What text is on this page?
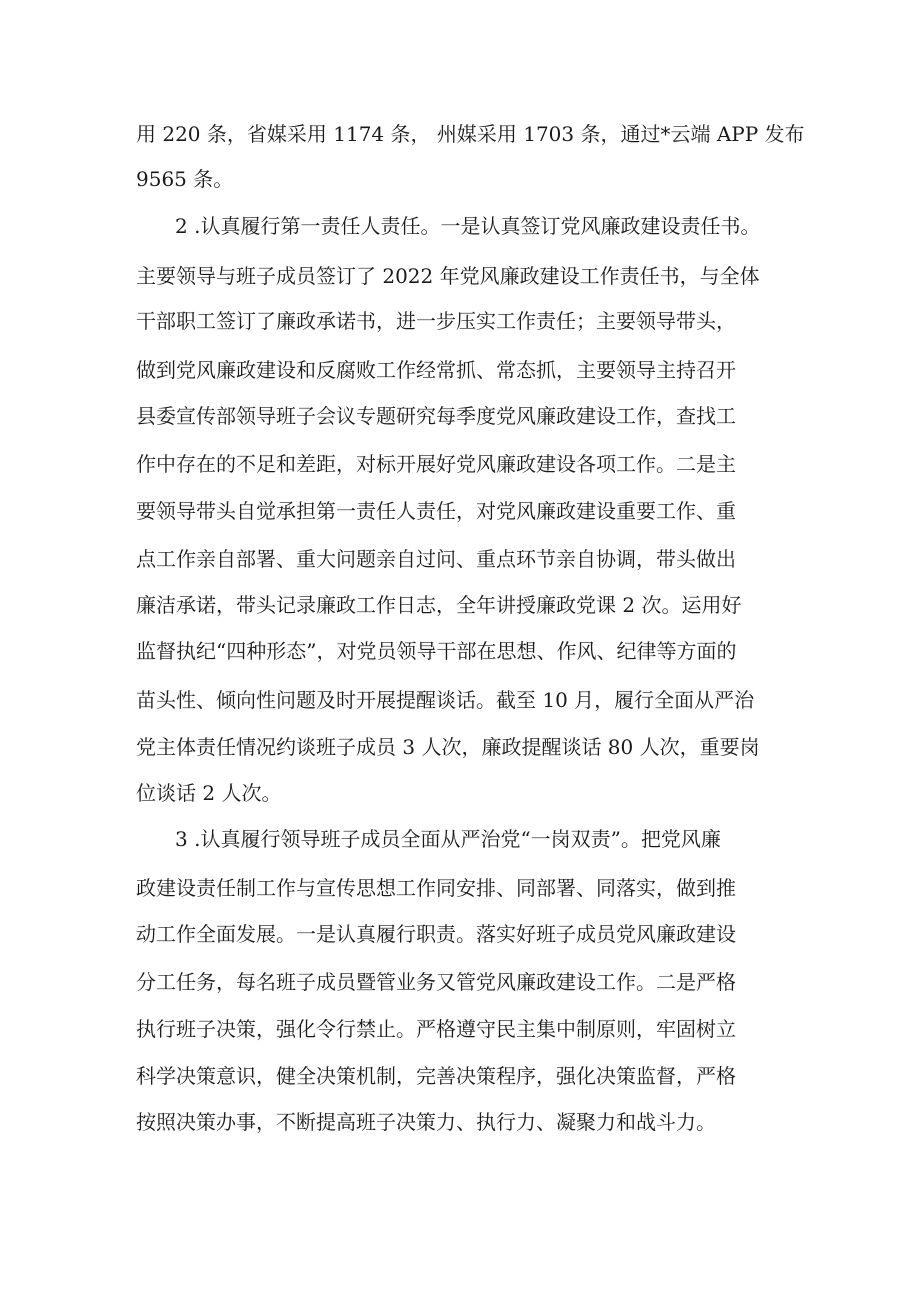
用 220 条，省媒采用 1174 条， 州媒采用 1703 条，通过*云端 APP 发布
9565 条。
2 .认真履行第一责任人责任。一是认真签订党风廉政建设责任书。
主要领导与班子成员签订了 2022 年党风廉政建设工作责任书，与全体
干部职工签订了廉政承诺书，进一步压实工作责任；主要领导带头，
做到党风廉政建设和反腐败工作经常抓、常态抓，主要领导主持召开
县委宣传部领导班子会议专题研究每季度党风廉政建设工作，查找工
作中存在的不足和差距，对标开展好党风廉政建设各项工作。二是主
要领导带头自觉承担第一责任人责任，对党风廉政建设重要工作、重
点工作亲自部署、重大问题亲自过问、重点环节亲自协调，带头做出
廉洁承诺，带头记录廉政工作日志，全年讲授廉政党课 2 次。运用好
监督执纪“四种形态”，对党员领导干部在思想、作风、纪律等方面的
苗头性、倾向性问题及时开展提醒谈话。截至 10 月，履行全面从严治
党主体责任情况约谈班子成员 3 人次，廉政提醒谈话 80 人次，重要岗
位谈话 2 人次。
3 .认真履行领导班子成员全面从严治党“一岗双责”。把党风廉
政建设责任制工作与宣传思想工作同安排、同部署、同落实，做到推
动工作全面发展。一是认真履行职责。落实好班子成员党风廉政建设
分工任务，每名班子成员暨管业务又管党风廉政建设工作。二是严格
执行班子决策，强化令行禁止。严格遵守民主集中制原则，牢固树立
科学决策意识，健全决策机制，完善决策程序，强化决策监督，严格
按照决策办事，不断提高班子决策力、执行力、凝聚力和战斗力。
